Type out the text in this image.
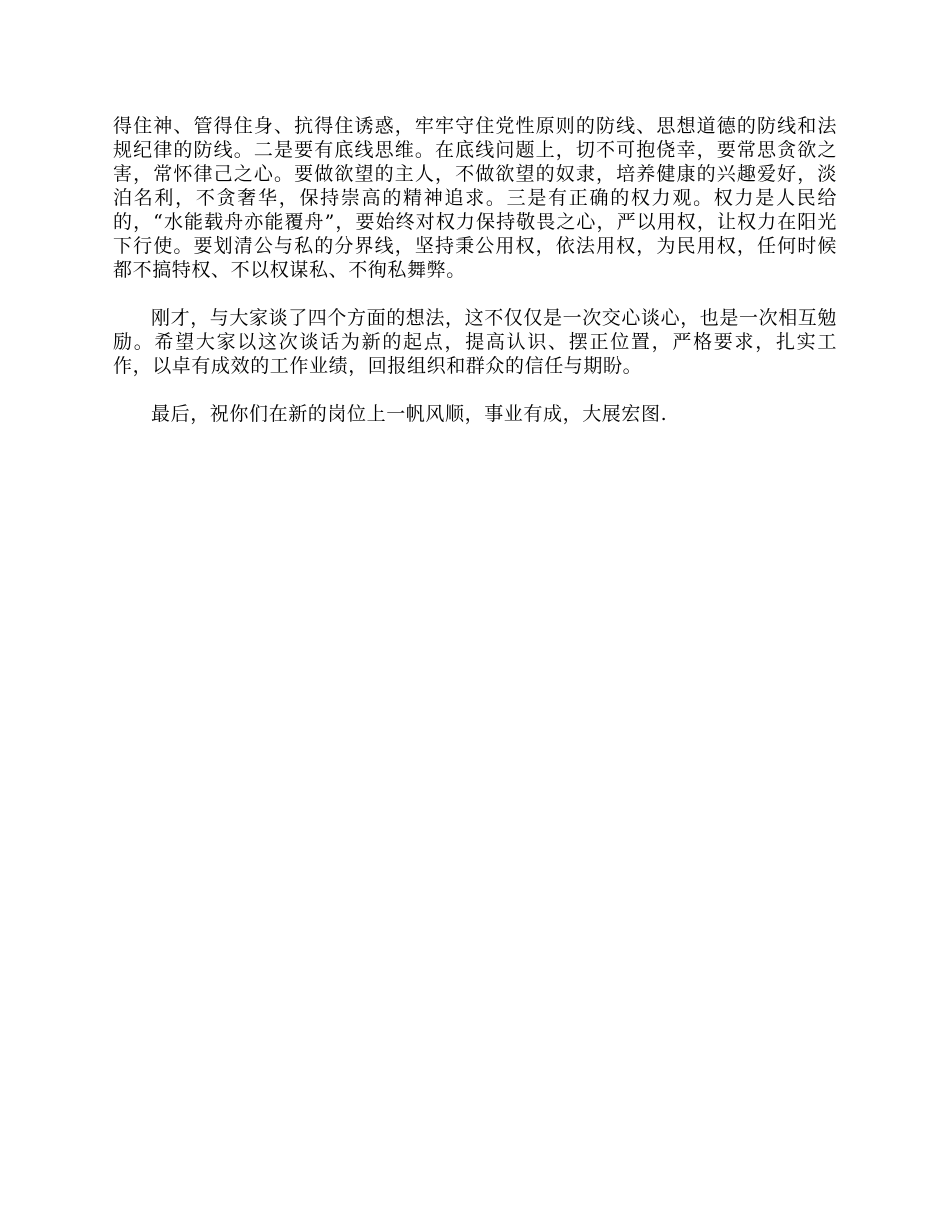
得住神、管得住身、抗得住诱惑，牢牢守住党性原则的防线、思想道德的防线和法规纪律的防线。二是要有底线思维。在底线问题上，切不可抱侥幸，要常思贪欲之害，常怀律己之心。要做欲望的主人，不做欲望的奴隶，培养健康的兴趣爱好，淡泊名利，不贪奢华，保持崇高的精神追求。三是有正确的权力观。权力是人民给的，“水能载舟亦能覆舟”，要始终对权力保持敬畏之心，严以用权，让权力在阳光下行使。要划清公与私的分界线，坚持秉公用权，依法用权，为民用权，任何时候都不搞特权、不以权谋私、不徇私舞弊。

刚才，与大家谈了四个方面的想法，这不仅仅是一次交心谈心，也是一次相互勉励。希望大家以这次谈话为新的起点，提高认识、摆正位置，严格要求，扎实工作，以卓有成效的工作业绩，回报组织和群众的信任与期盼。

最后，祝你们在新的岗位上一帆风顺，事业有成，大展宏图.
